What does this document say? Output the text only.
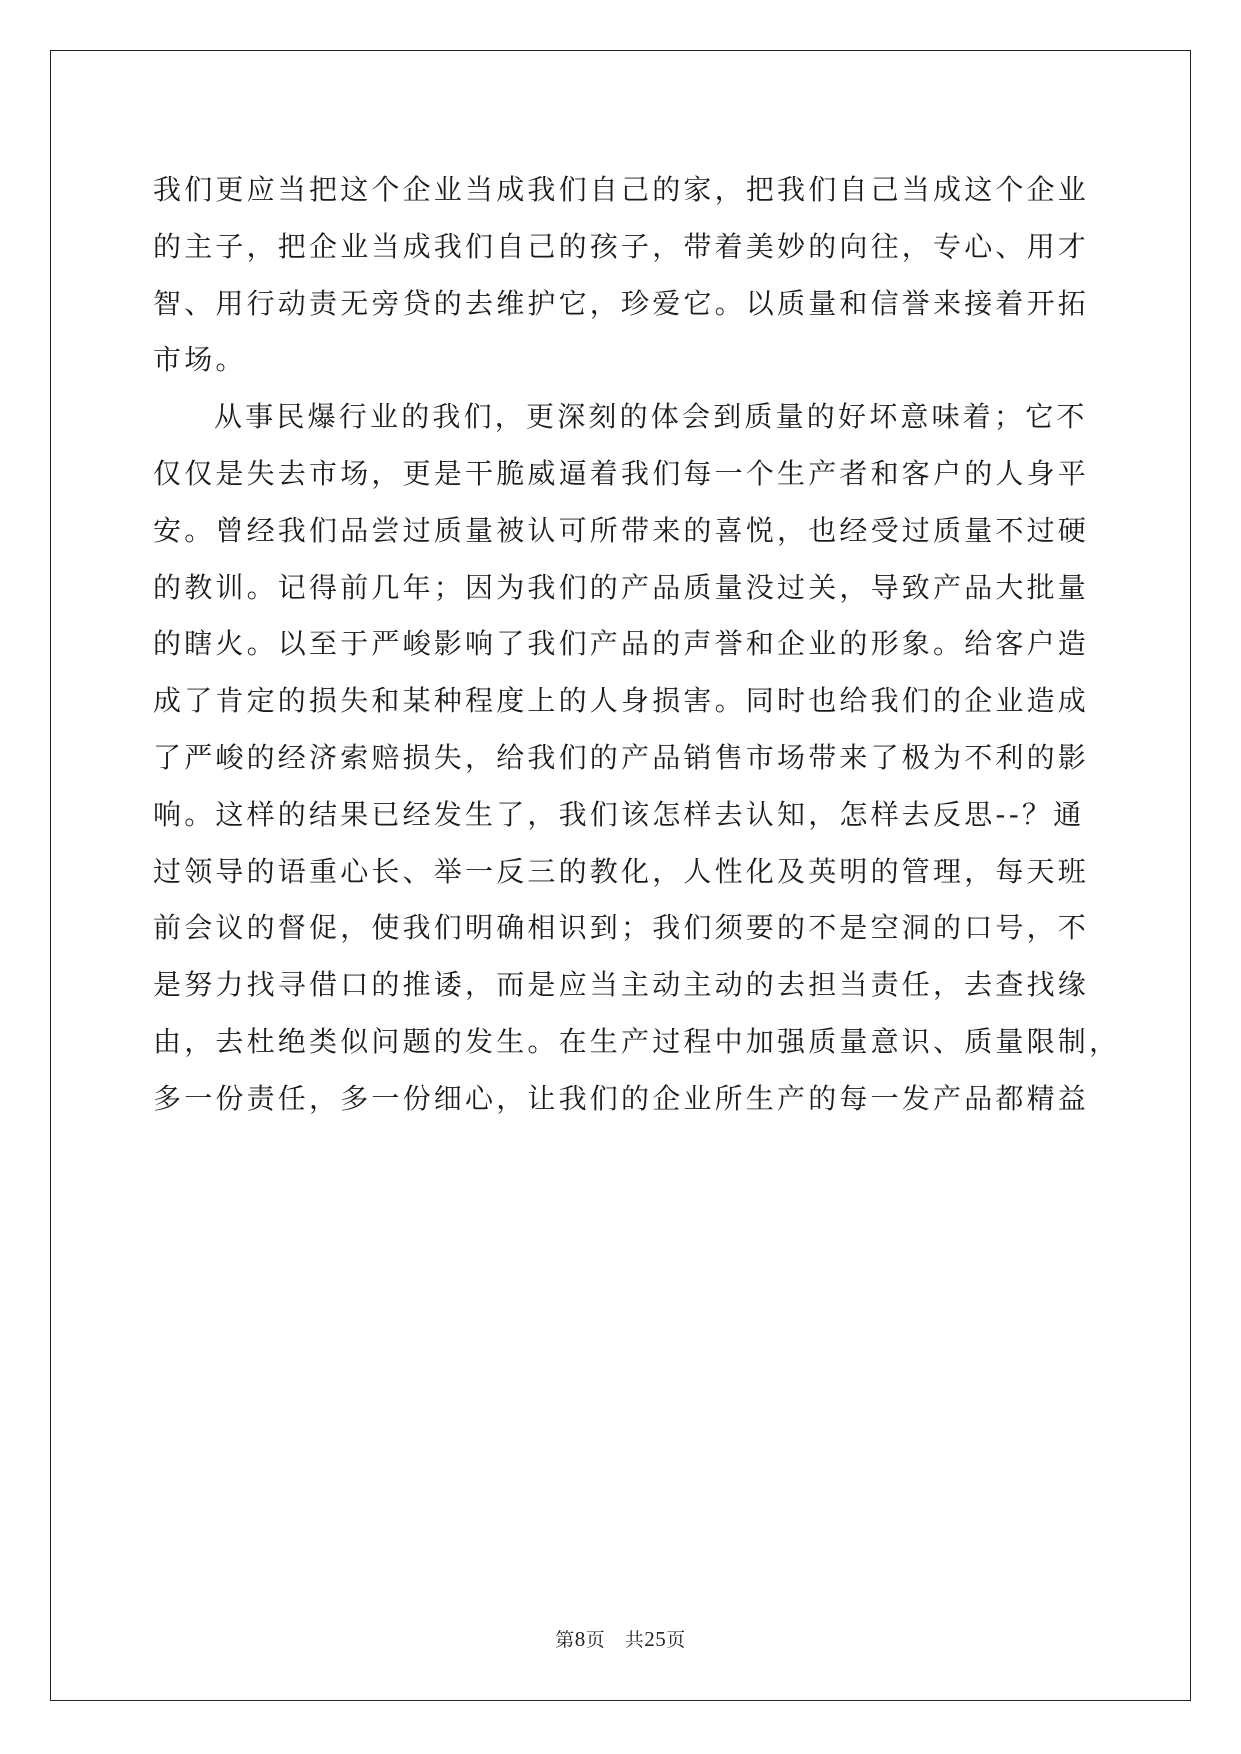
我们更应当把这个企业当成我们自己的家，把我们自己当成这个企业
的主子，把企业当成我们自己的孩子，带着美妙的向往，专心、用才
智、用行动责无旁贷的去维护它，珍爱它。以质量和信誉来接着开拓
市场。
从事民爆行业的我们，更深刻的体会到质量的好坏意味着；它不
仅仅是失去市场，更是干脆威逼着我们每一个生产者和客户的人身平
安。曾经我们品尝过质量被认可所带来的喜悦，也经受过质量不过硬
的教训。记得前几年；因为我们的产品质量没过关，导致产品大批量
的瞎火。以至于严峻影响了我们产品的声誉和企业的形象。给客户造
成了肯定的损失和某种程度上的人身损害。同时也给我们的企业造成
了严峻的经济索赔损失，给我们的产品销售市场带来了极为不利的影
响。这样的结果已经发生了，我们该怎样去认知，怎样去反思--？通
过领导的语重心长、举一反三的教化，人性化及英明的管理，每天班
前会议的督促，使我们明确相识到；我们须要的不是空洞的口号，不
是努力找寻借口的推诿，而是应当主动主动的去担当责任，去查找缘
由，去杜绝类似问题的发生。在生产过程中加强质量意识、质量限制，
多一份责任，多一份细心，让我们的企业所生产的每一发产品都精益
第8页　共25页
